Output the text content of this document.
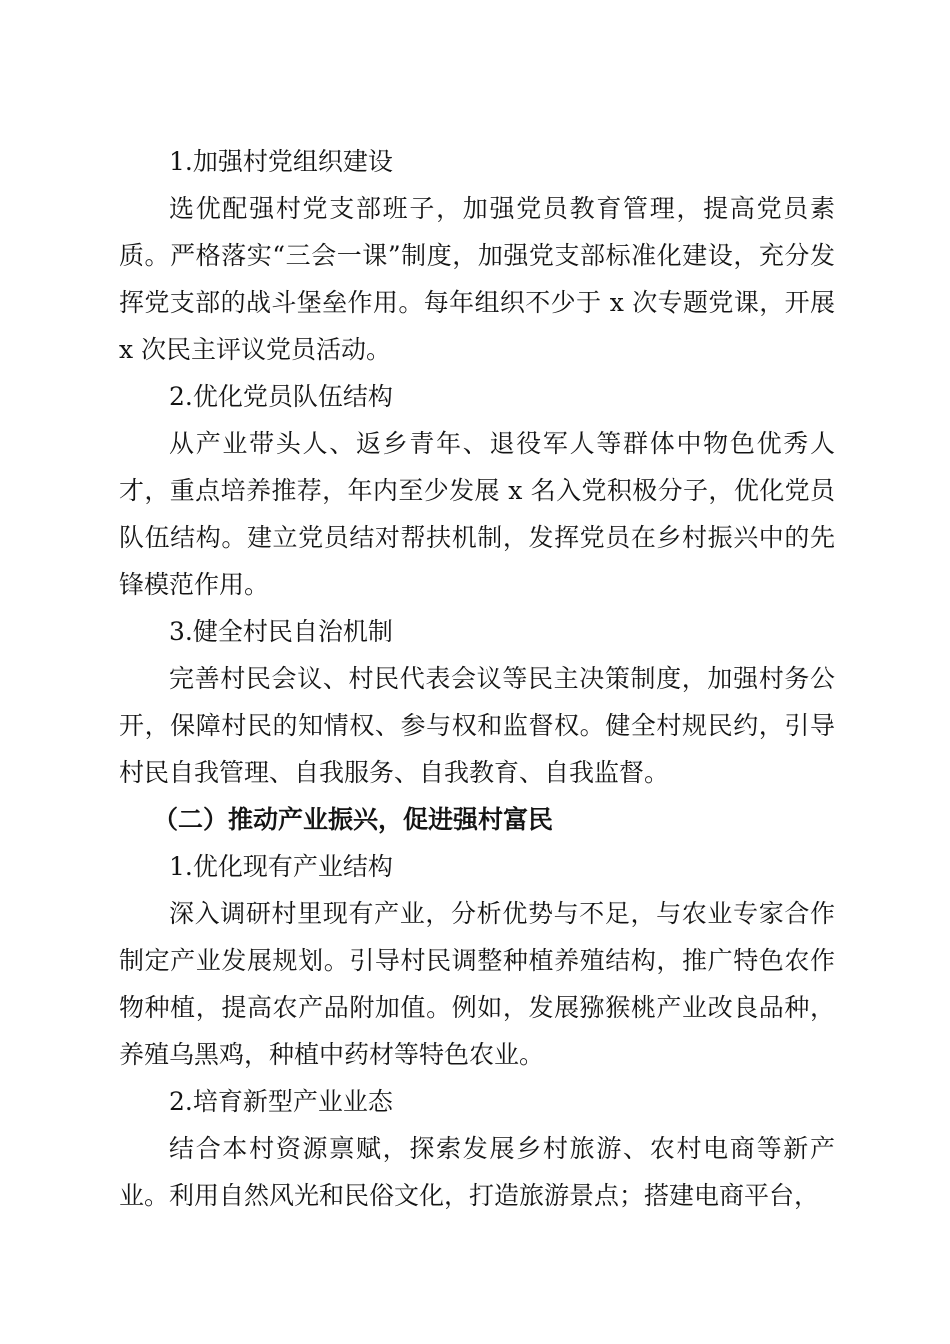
1.加强村党组织建设

选优配强村党支部班子，加强党员教育管理，提高党员素质。严格落实“三会一课”制度，加强党支部标准化建设，充分发挥党支部的战斗堡垒作用。每年组织不少于 x 次专题党课，开展 x 次民主评议党员活动。

2.优化党员队伍结构

从产业带头人、返乡青年、退役军人等群体中物色优秀人才，重点培养推荐，年内至少发展 x 名入党积极分子，优化党员队伍结构。建立党员结对帮扶机制，发挥党员在乡村振兴中的先锋模范作用。

3.健全村民自治机制

完善村民会议、村民代表会议等民主决策制度，加强村务公开，保障村民的知情权、参与权和监督权。健全村规民约，引导村民自我管理、自我服务、自我教育、自我监督。

（二）推动产业振兴，促进强村富民

1.优化现有产业结构

深入调研村里现有产业，分析优势与不足，与农业专家合作制定产业发展规划。引导村民调整种植养殖结构，推广特色农作物种植，提高农产品附加值。例如，发展猕猴桃产业改良品种，养殖乌黑鸡，种植中药材等特色农业。

2.培育新型产业业态

结合本村资源禀赋，探索发展乡村旅游、农村电商等新产业。利用自然风光和民俗文化，打造旅游景点；搭建电商平台，
